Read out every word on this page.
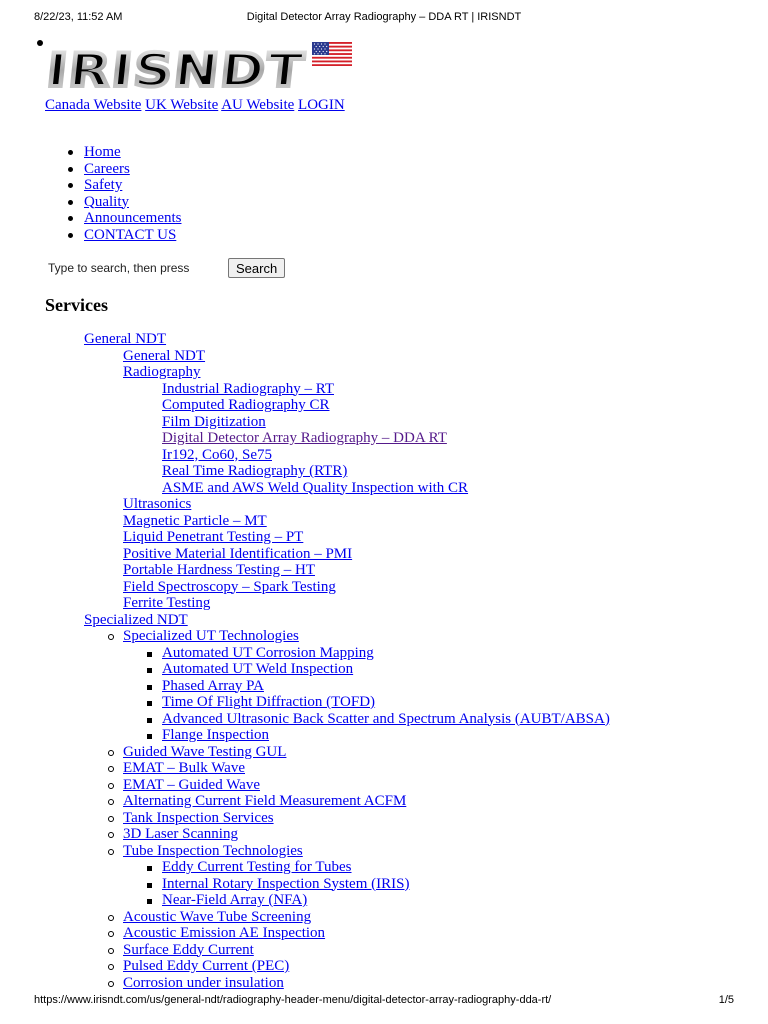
8/22/23, 11:52 AM	Digital Detector Array Radiography – DDA RT | IRISNDT
IRISNDT
Canada Website UK Website AU Website LOGIN
Home
Careers
Safety
Quality
Announcements
CONTACT US
Type to search, then press
Search
Services
General NDT
General NDT
Radiography
Industrial Radiography – RT
Computed Radiography CR
Film Digitization
Digital Detector Array Radiography – DDA RT
Ir192, Co60, Se75
Real Time Radiography (RTR)
ASME and AWS Weld Quality Inspection with CR
Ultrasonics
Magnetic Particle – MT
Liquid Penetrant Testing – PT
Positive Material Identification – PMI
Portable Hardness Testing – HT
Field Spectroscopy – Spark Testing
Ferrite Testing
Specialized NDT
Specialized UT Technologies
Automated UT Corrosion Mapping
Automated UT Weld Inspection
Phased Array PA
Time Of Flight Diffraction (TOFD)
Advanced Ultrasonic Back Scatter and Spectrum Analysis (AUBT/ABSA)
Flange Inspection
Guided Wave Testing GUL
EMAT – Bulk Wave
EMAT – Guided Wave
Alternating Current Field Measurement ACFM
Tank Inspection Services
3D Laser Scanning
Tube Inspection Technologies
Eddy Current Testing for Tubes
Internal Rotary Inspection System (IRIS)
Near-Field Array (NFA)
Acoustic Wave Tube Screening
Acoustic Emission AE Inspection
Surface Eddy Current
Pulsed Eddy Current (PEC)
Corrosion under insulation
https://www.irisndt.com/us/general-ndt/radiography-header-menu/digital-detector-array-radiography-dda-rt/	1/5
